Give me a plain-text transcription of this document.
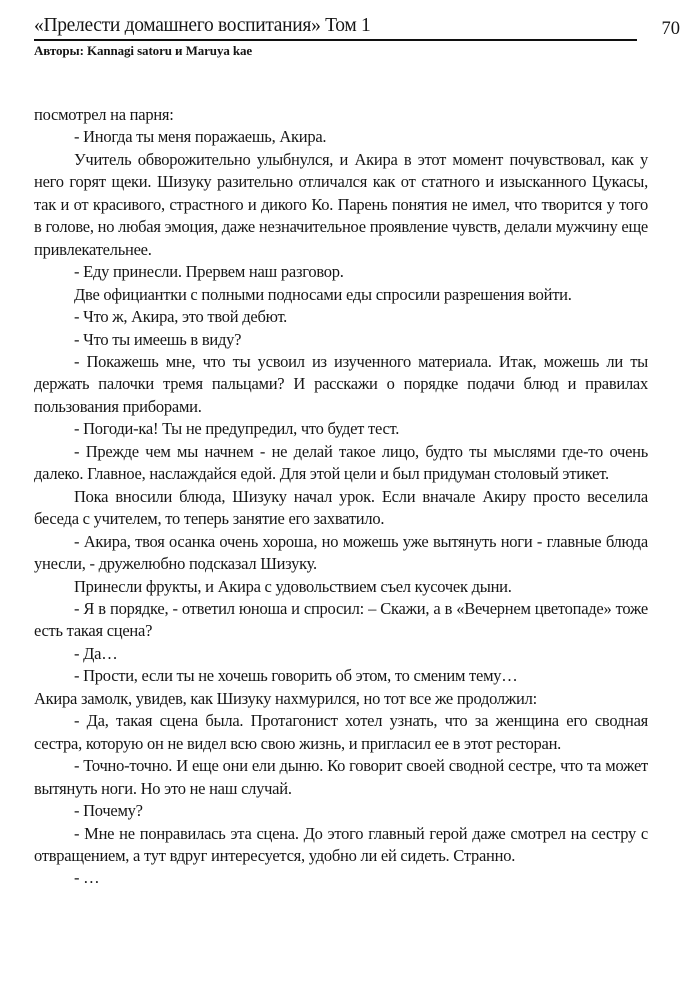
«Прелести домашнего воспитания» Том 1	70
Авторы: Kannagi satoru и Maruya kae

посмотрел на парня:

- Иногда ты меня поражаешь, Акира.

Учитель обворожительно улыбнулся, и Акира в этот момент почувствовал, как у него горят щеки. Шизуку разительно отличался как от статного и изысканного Цукасы, так и от красивого, страстного и дикого Ко. Парень понятия не имел, что творится у того в голове, но любая эмоция, даже незначительное проявление чувств, делали мужчину еще привлекательнее.

- Еду принесли. Прервем наш разговор.

Две официантки с полными подносами еды спросили разрешения войти.

- Что ж, Акира, это твой дебют.

- Что ты имеешь в виду?

- Покажешь мне, что ты усвоил из изученного материала. Итак, можешь ли ты держать палочки тремя пальцами? И расскажи о порядке подачи блюд и правилах пользования приборами.

- Погоди-ка! Ты не предупредил, что будет тест.

- Прежде чем мы начнем - не делай такое лицо, будто ты мыслями где-то очень далеко. Главное, наслаждайся едой. Для этой цели и был придуман столовый этикет.

Пока вносили блюда, Шизуку начал урок. Если вначале Акиру просто веселила беседа с учителем, то теперь занятие его захватило.

- Акира, твоя осанка очень хороша, но можешь уже вытянуть ноги - главные блюда унесли, - дружелюбно подсказал Шизуку.

Принесли фрукты, и Акира с удовольствием съел кусочек дыни.

- Я в порядке, - ответил юноша и спросил: – Скажи, а в «Вечернем цветопаде» тоже есть такая сцена?

- Да…

- Прости, если ты не хочешь говорить об этом, то сменим тему…

Акира замолк, увидев, как Шизуку нахмурился, но тот все же продолжил:

- Да, такая сцена была. Протагонист хотел узнать, что за женщина его сводная сестра, которую он не видел всю свою жизнь, и пригласил ее в этот ресторан.

- Точно-точно. И еще они ели дыню. Ко говорит своей сводной сестре, что та может вытянуть ноги. Но это не наш случай.

- Почему?

- Мне не понравилась эта сцена. До этого главный герой даже смотрел на сестру с отвращением, а тут вдруг интересуется, удобно ли ей сидеть. Странно.

- …
